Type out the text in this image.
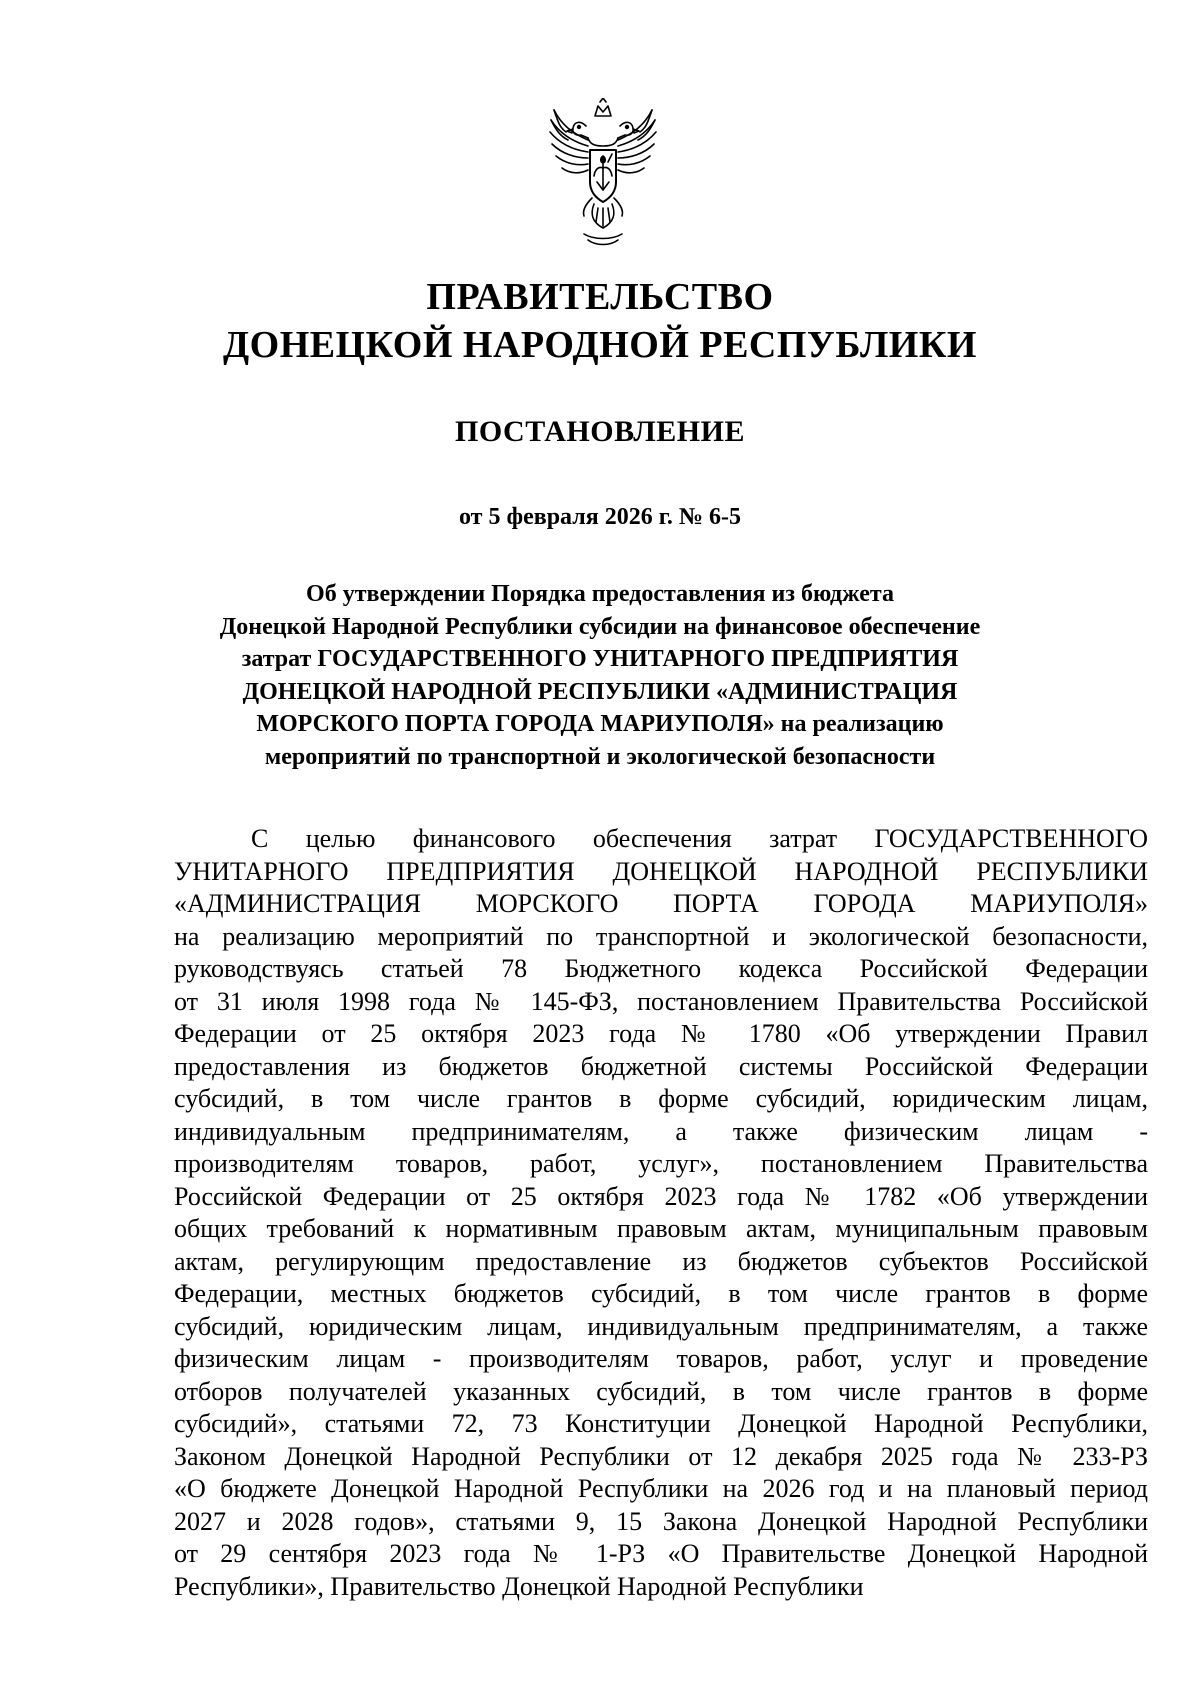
ПРАВИТЕЛЬСТВО
ДОНЕЦКОЙ НАРОДНОЙ РЕСПУБЛИКИ
ПОСТАНОВЛЕНИЕ
от 5 февраля 2026 г. № 6-5
Об утверждении Порядка предоставления из бюджета
Донецкой Народной Республики субсидии на финансовое обеспечение
затрат ГОСУДАРСТВЕННОГО УНИТАРНОГО ПРЕДПРИЯТИЯ
ДОНЕЦКОЙ НАРОДНОЙ РЕСПУБЛИКИ «АДМИНИСТРАЦИЯ
МОРСКОГО ПОРТА ГОРОДА МАРИУПОЛЯ» на реализацию
мероприятий по транспортной и экологической безопасности
С целью финансового обеспечения затрат ГОСУДАРСТВЕННОГО
УНИТАРНОГО ПРЕДПРИЯТИЯ ДОНЕЦКОЙ НАРОДНОЙ РЕСПУБЛИКИ
«АДМИНИСТРАЦИЯ МОРСКОГО ПОРТА ГОРОДА МАРИУПОЛЯ»
на реализацию мероприятий по транспортной и экологической безопасности,
руководствуясь статьей 78 Бюджетного кодекса Российской Федерации
от 31 июля 1998 года № 145-ФЗ, постановлением Правительства Российской
Федерации от 25 октября 2023 года № 1780 «Об утверждении Правил
предоставления из бюджетов бюджетной системы Российской Федерации
субсидий, в том числе грантов в форме субсидий, юридическим лицам,
индивидуальным предпринимателям, а также физическим лицам -
производителям товаров, работ, услуг», постановлением Правительства
Российской Федерации от 25 октября 2023 года № 1782 «Об утверждении
общих требований к нормативным правовым актам, муниципальным правовым
актам, регулирующим предоставление из бюджетов субъектов Российской
Федерации, местных бюджетов субсидий, в том числе грантов в форме
субсидий, юридическим лицам, индивидуальным предпринимателям, а также
физическим лицам - производителям товаров, работ, услуг и проведение
отборов получателей указанных субсидий, в том числе грантов в форме
субсидий», статьями 72, 73 Конституции Донецкой Народной Республики,
Законом Донецкой Народной Республики от 12 декабря 2025 года № 233-РЗ
«О бюджете Донецкой Народной Республики на 2026 год и на плановый период
2027 и 2028 годов», статьями 9, 15 Закона Донецкой Народной Республики
от 29 сентября 2023 года № 1-РЗ «О Правительстве Донецкой Народной
Республики», Правительство Донецкой Народной Республики
